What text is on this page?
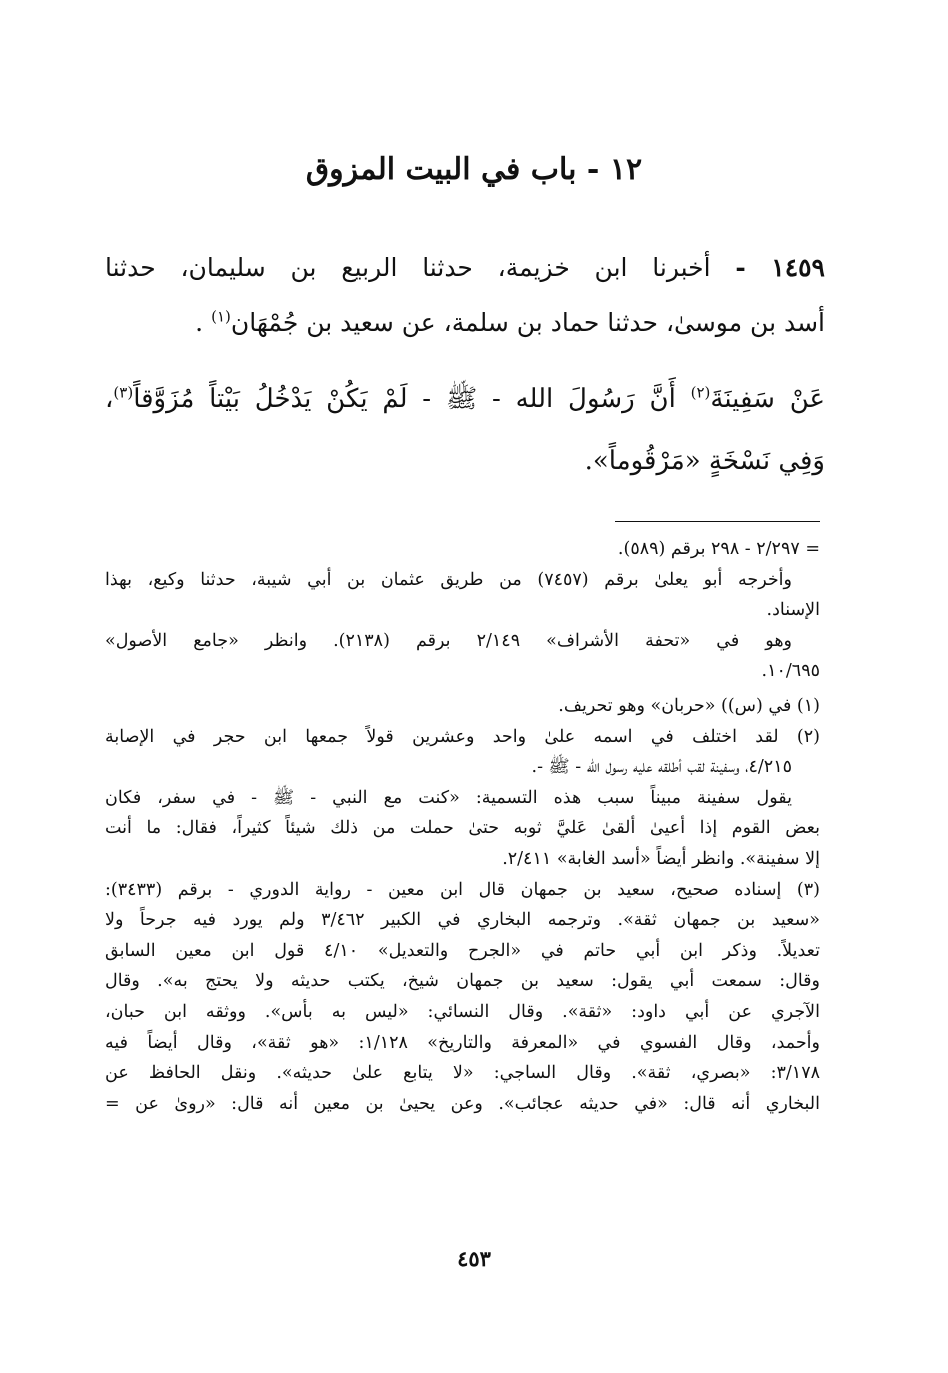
١٢ - باب في البيت المزوق
١٤٥٩ - أخبرنا ابن خزيمة، حدثنا الربيع بن سليمان، حدثنا
أسد بن موسىٰ، حدثنا حماد بن سلمة، عن سعيد بن جُمْهَان$^{(١)}$ .
عَنْ سَفِينَةَ$^{(٢)}$ أَنَّ رَسُولَ الله - ﷺ - لَمْ يَكُنْ يَدْخُلُ بَيْتاً مُزَوَّقاً$^{(٣)}$،
وَفِي نَسْخَةٍ «مَرْقُوماً».
= ٢/٢٩٧ - ٢٩٨ برقم (٥٨٩).
وأخرجه أبو يعلىٰ برقم (٧٤٥٧) من طريق عثمان بن أبي شيبة، حدثنا وكيع، بهذا
الإسناد.
وهو في «تحفة الأشراف» ٢/١٤٩ برقم (٢١٣٨). وانظر «جامع الأصول»
١٠/٦٩٥.
(١) في (س)) «حربان» وهو تحريف.
(٢) لقد اختلف في اسمه علىٰ واحد وعشرين قولاً جمعها ابن حجر في الإصابة
٤/٢١٥، وسفينة لقب أطلقه عليه رسول الله - ﷺ -.
يقول سفينة مبيناً سبب هذه التسمية: «كنت مع النبي - ﷺ - في سفر، فكان
بعض القوم إذا أعيىٰ ألقىٰ عَليَّ ثوبه حتىٰ حملت من ذلك شيئاً كثيراً، فقال: ما أنت
إلا سفينة». وانظر أيضاً «أسد الغابة» ٢/٤١١.
(٣) إسناده صحيح، سعيد بن جمهان قال ابن معين - رواية الدوري - برقم (٣٤٣٣):
«سعيد بن جمهان ثقة». وترجمه البخاري في الكبير ٣/٤٦٢ ولم يورد فيه جرحاً ولا
تعديلاً. وذكر ابن أبي حاتم في «الجرح والتعديل» ٤/١٠ قول ابن معين السابق
وقال: سمعت أبي يقول: سعيد بن جمهان شيخ، يكتب حديثه ولا يحتج به». وقال
الآجري عن أبي داود: «ثقة». وقال النسائي: «ليس به بأس». ووثقه ابن حبان،
وأحمد، وقال الفسوي في «المعرفة والتاريخ» ١/١٢٨: «هو ثقة»، وقال أيضاً فيه
٣/١٧٨: «بصري، ثقة». وقال الساجي: «لا يتابع علىٰ حديثه». ونقل الحافظ عن
البخاري أنه قال: «في حديثه عجائب». وعن يحيىٰ بن معين أنه قال: «روىٰ عن =
٤٥٣
